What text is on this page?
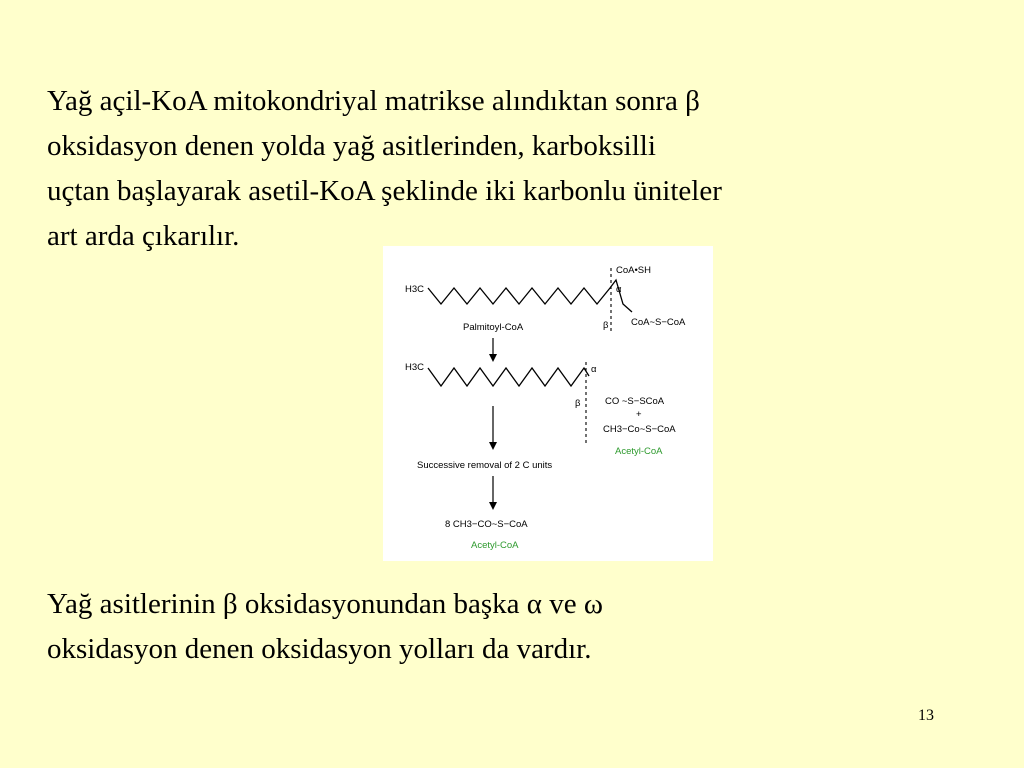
Yağ açil-KoA mitokondriyal matrikse alındıktan sonra β
oksidasyon denen yolda yağ asitlerinden, karboksilli
uçtan başlayarak asetil-KoA şeklinde iki karbonlu üniteler
art arda çıkarılır.

H3C
CoA•SH
α
β
Palmitoyl-CoA	CoA~S−CoA
H3C	α
β	CO ~S−SCoA
+
CH3−Co~S−CoA
Acetyl-CoA
Successive removal of 2 C units
8 CH3−CO~S−CoA
Acetyl-CoA

Yağ asitlerinin β oksidasyonundan başka α ve ω
oksidasyon denen oksidasyon yolları da vardır.

13
